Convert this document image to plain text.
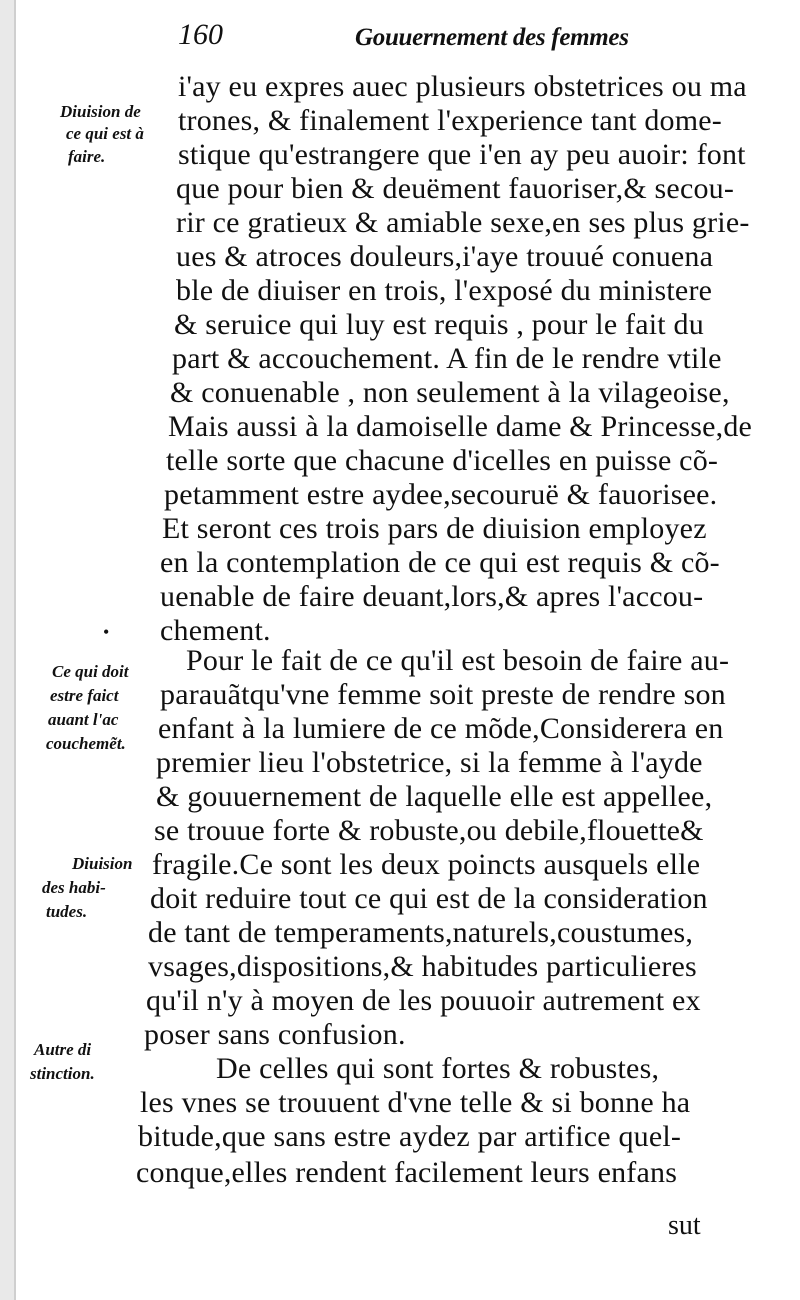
160	Gouuernement des femmes
i'ay eu expres auec plusieurs obstetrices ou ma
trones, & finalement l'experience tant dome-
stique qu'estrangere que i'en ay peu auoir: font
que pour bien & deuëment fauoriser,& secou-
rir ce gratieux & amiable sexe,en ses plus grie-
ues & atroces douleurs,i'aye trouué conuena
ble de diuiser en trois, l'exposé du ministere
& seruice qui luy est requis , pour le fait du
part & accouchement. A fin de le rendre vtile
& conuenable , non seulement à la vilageoise,
Mais aussi à la damoiselle dame & Princesse,de
telle sorte que chacune d'icelles en puisse cõ-
petamment estre aydee,secouruë & fauorisee.
Et seront ces trois pars de diuision employez
en la contemplation de ce qui est requis & cõ-
uenable de faire deuant,lors,& apres l'accou-
chement.
Pour le fait de ce qu'il est besoin de faire au-
parauãtqu'vne femme soit preste de rendre son
enfant à la lumiere de ce mõde,Considerera en
premier lieu l'obstetrice, si la femme à l'ayde
& gouuernement de laquelle elle est appellee,
se trouue forte & robuste,ou debile,flouette&
fragile.Ce sont les deux poincts ausquels elle
doit reduire tout ce qui est de la consideration
de tant de temperaments,naturels,coustumes,
vsages,dispositions,& habitudes particulieres
qu'il n'y à moyen de les pouuoir autrement ex
poser sans confusion.
De celles qui sont fortes & robustes,
les vnes se trouuent d'vne telle & si bonne ha
bitude,que sans estre aydez par artifice quel-
conque,elles rendent facilement leurs enfans
sut
•
Diuision de
ce qui est à
faire.
Ce qui doit
estre faict
auant l'ac
couchemẽt.
Diuision
des habi-
tudes.
Autre di
stinction.
